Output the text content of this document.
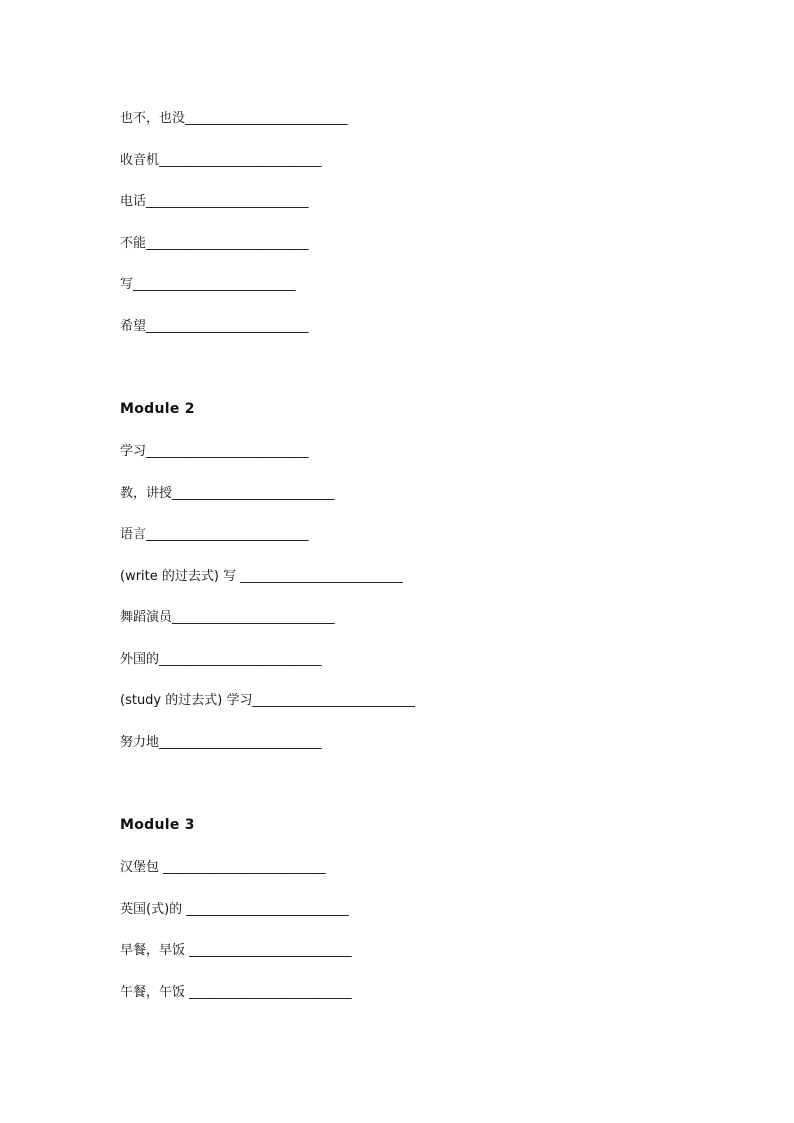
也不，也没_________________________
收音机_________________________
电话_________________________
不能_________________________
写_________________________
希望_________________________
Module 2
学习_________________________
教，讲授_________________________
语言_________________________
(write 的过去式) 写 _________________________
舞蹈演员_________________________
外国的_________________________
(study 的过去式) 学习_________________________
努力地_________________________
Module 3
汉堡包 _________________________
英国(式)的 _________________________
早餐，早饭 _________________________
午餐，午饭 _________________________
